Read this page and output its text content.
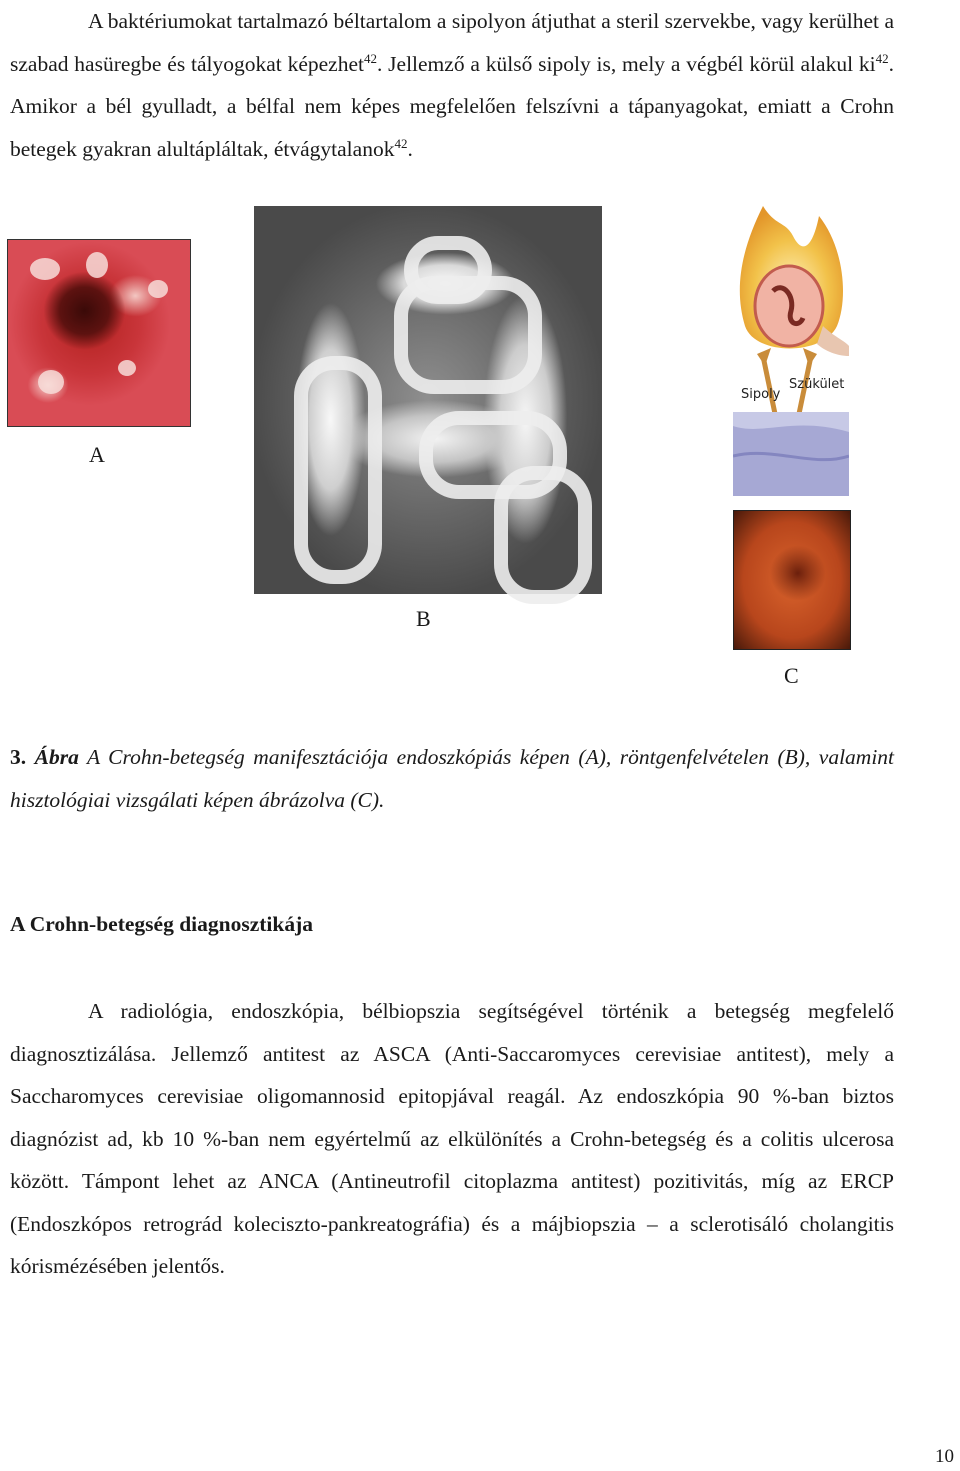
A baktériumokat tartalmazó béltartalom a sipolyon átjuthat a steril szervekbe, vagy kerülhet a szabad hasüregbe és tályogokat képezhet$^{42}$. Jellemző a külső sipoly is, mely a végbél körül alakul $ki^{42}$. Amikor a bél gyulladt, a bélfal nem képes megfelelően felszívni a tápanyagokat, emiatt a Crohn betegek gyakran alultápláltak, étvágytalanok$^{42}$.

A

B

Sipoly
Szükület

C

3. Ábra A Crohn-betegség manifesztációja endoszkópiás képen (A), röntgenfelvételen (B), valamint hisztológiai vizsgálati képen ábrázolva (C).

A Crohn-betegség diagnosztikája

A radiológia, endoszkópia, bélbiopszia segítségével történik a betegség megfelelő diagnosztizálása. Jellemző antitest az ASCA (Anti-Saccaromyces cerevisiae antitest), mely a Saccharomyces cerevisiae oligomannosid epitopjával reagál. Az endoszkópia 90 %-ban biztos diagnózist ad, kb 10 %-ban nem egyértelmű az elkülönítés a Crohn-betegség és a colitis ulcerosa között. Támpont lehet az ANCA (Antineutrofil citoplazma antitest) pozitivitás, míg az ERCP (Endoszkópos retrográd koleciszto-pankreatográfia) és a májbiopszia – a sclerotisáló cholangitis kórismézésében jelentős.

10
